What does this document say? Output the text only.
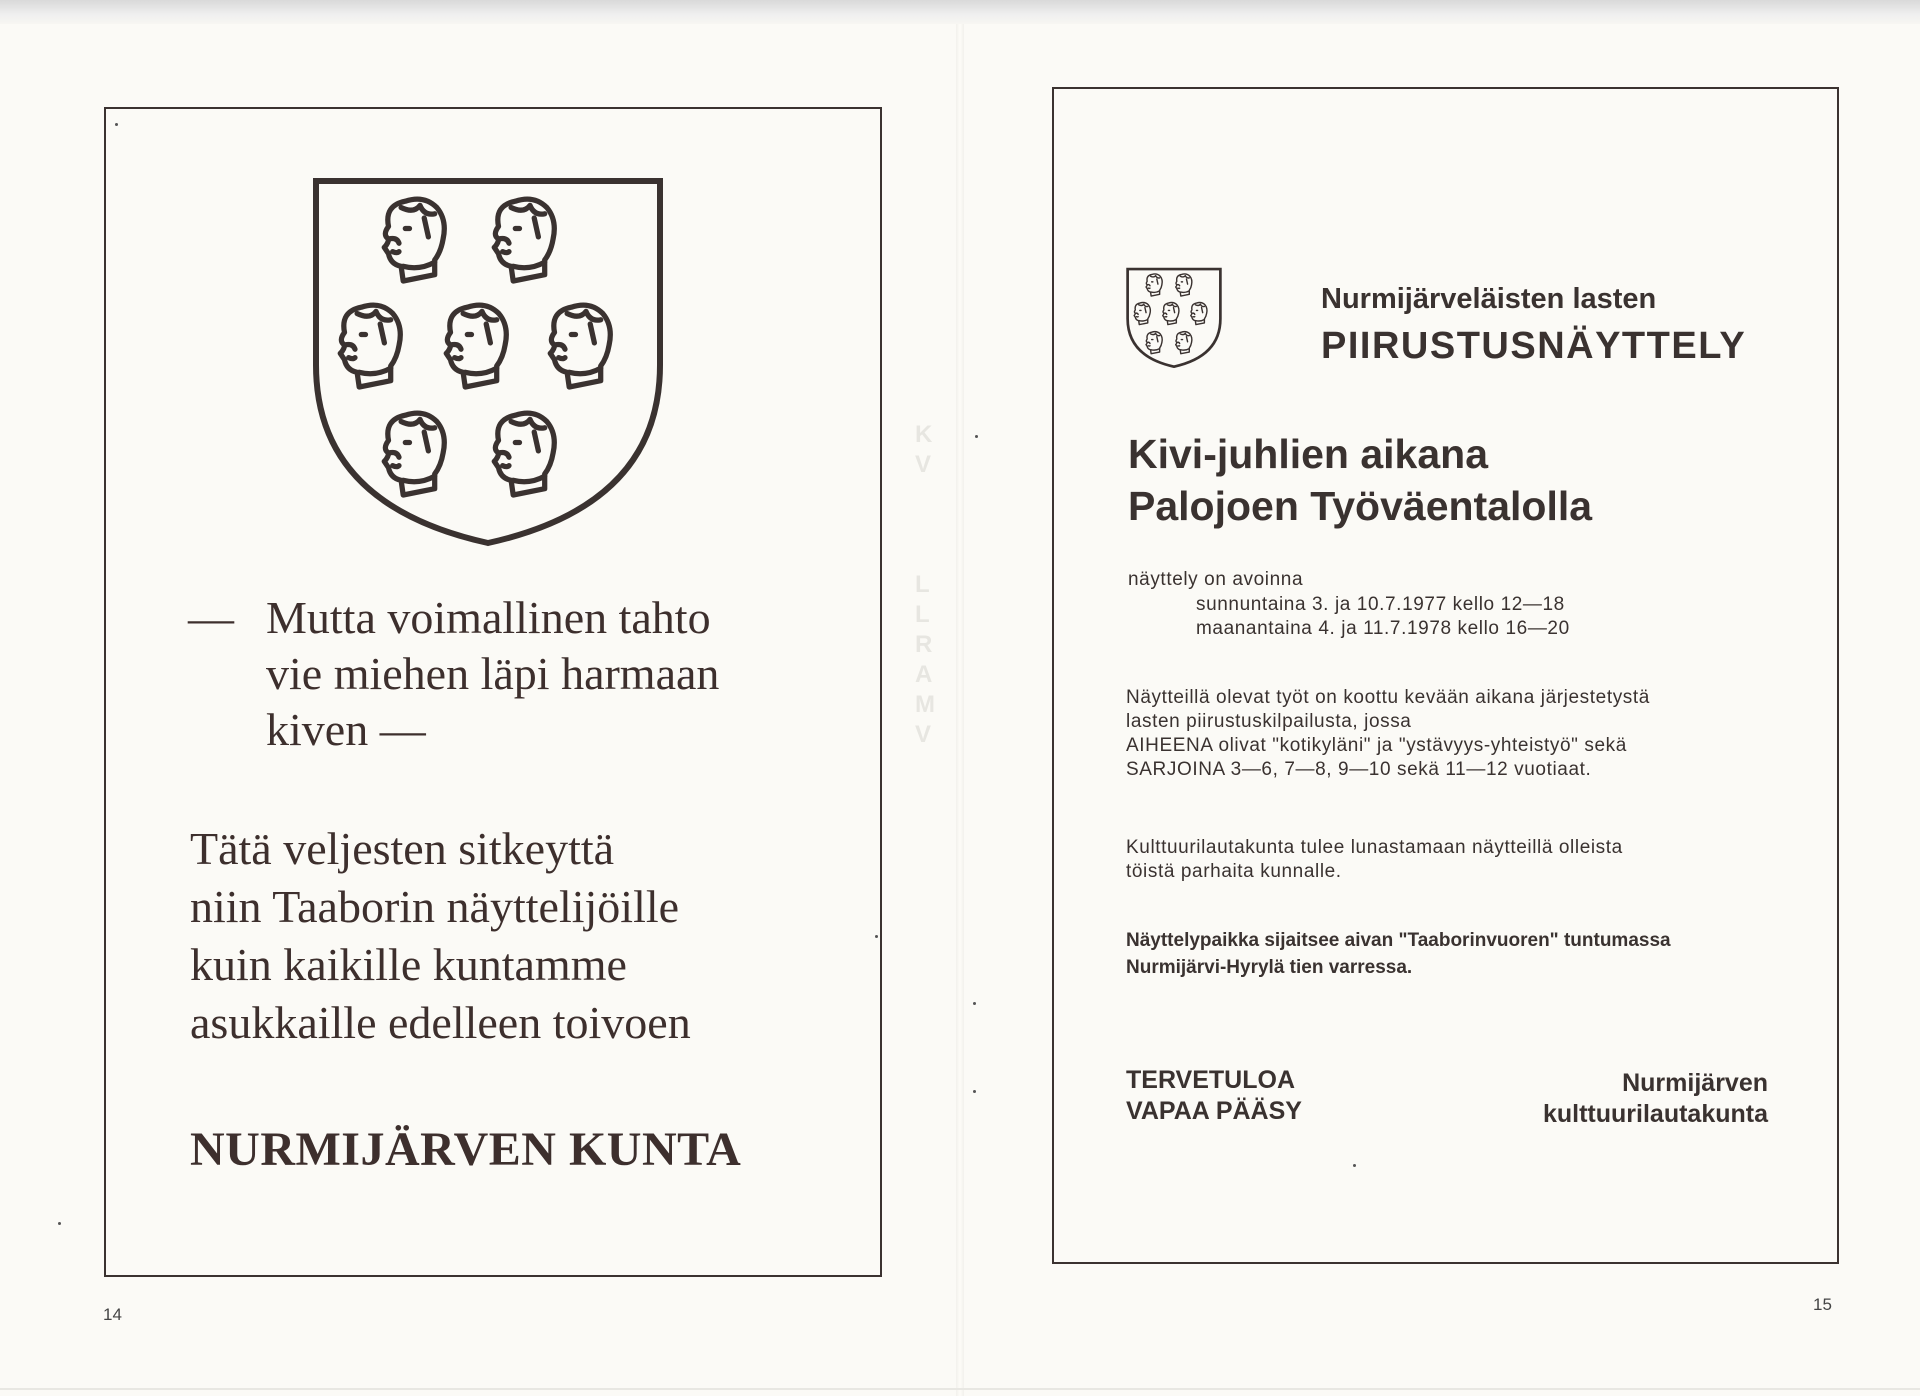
K
V

L
L
R
A
M
V
— Mutta voimallinen tahto
vie miehen läpi harmaan
kiven —
Tätä veljesten sitkeyttä
niin Taaborin näyttelijöille
kuin kaikille kuntamme
asukkaille edelleen toivoen
NURMIJÄRVEN KUNTA
14
Nurmijärveläisten lasten
PIIRUSTUSNÄYTTELY
Kivi-juhlien aikana
Palojoen Työväentalolla
näyttely on avoinna
sunnuntaina 3. ja 10.7.1977 kello 12—18
maanantaina 4. ja 11.7.1978 kello 16—20
Näytteillä olevat työt on koottu kevään aikana järjestetystä
lasten piirustuskilpailusta, jossa
AIHEENA olivat "kotikyläni" ja "ystävyys-yhteistyö" sekä
SARJOINA 3—6, 7—8, 9—10 sekä 11—12 vuotiaat.
Kulttuurilautakunta tulee lunastamaan näytteillä olleista
töistä parhaita kunnalle.
Näyttelypaikka sijaitsee aivan "Taaborinvuoren" tuntumassa
Nurmijärvi-Hyrylä tien varressa.
TERVETULOA
VAPAA PÄÄSY
Nurmijärven
kulttuurilautakunta
15
